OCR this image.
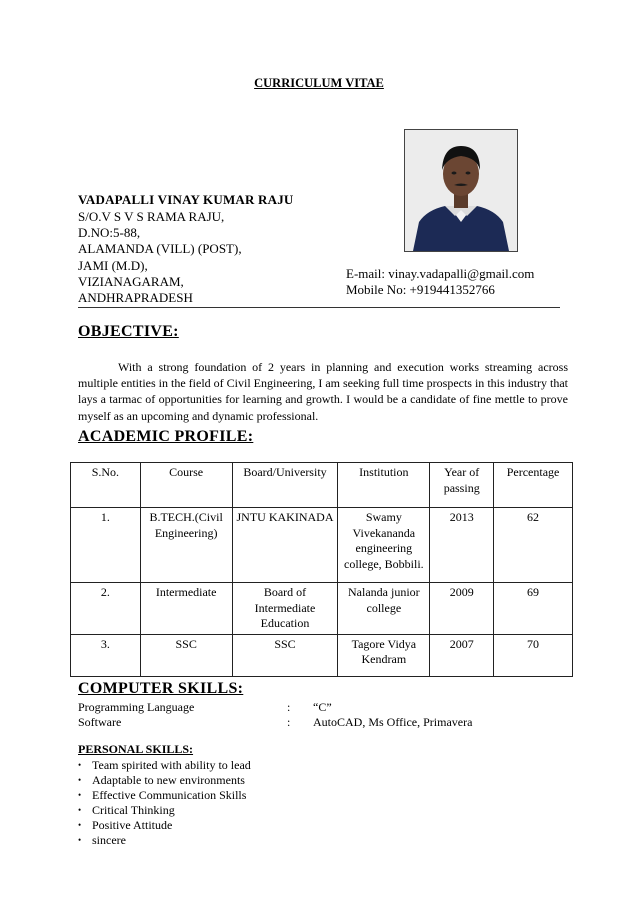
CURRICULUM VITAE
VADAPALLI VINAY KUMAR RAJU
S/O.V S V S RAMA RAJU,
D.NO:5-88,
ALAMANDA (VILL) (POST),
JAMI (M.D),
VIZIANAGARAM,
ANDHRAPRADESH
E-mail: vinay.vadapalli@gmail.com
Mobile No: +919441352766
OBJECTIVE:
With a strong foundation of 2 years in planning and execution works streaming across multiple entities in the field of Civil Engineering, I am seeking full time prospects in this industry that lays a tarmac of opportunities for learning and growth. I would be a candidate of fine mettle to prove myself as an upcoming and dynamic professional.
ACADEMIC PROFILE:
S.No.	Course	Board/University	Institution	Year of passing	Percentage
1.	B.TECH.(Civil Engineering)	JNTU KAKINADA	Swamy Vivekananda engineering college, Bobbili.	2013	62
2.	Intermediate	Board of Intermediate Education	Nalanda junior college	2009	69
3.	SSC	SSC	Tagore Vidya Kendram	2007	70
COMPUTER SKILLS:
Programming Language	: “C”
Software	: AutoCAD, Ms Office, Primavera
PERSONAL SKILLS:
• Team spirited with ability to lead
• Adaptable to new environments
• Effective Communication Skills
• Critical Thinking
• Positive Attitude
• sincere
